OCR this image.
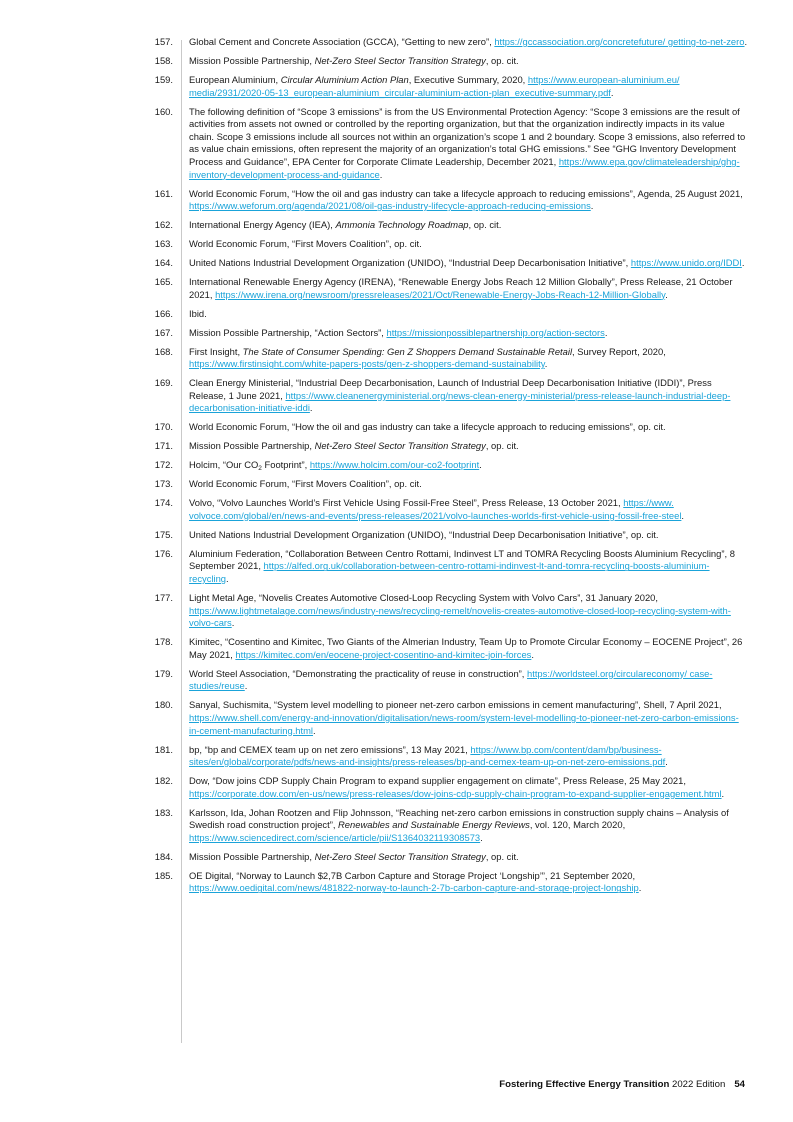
157. Global Cement and Concrete Association (GCCA), “Getting to new zero”, https://gccassociation.org/concretefuture/ getting-to-net-zero.
158. Mission Possible Partnership, Net-Zero Steel Sector Transition Strategy, op. cit.
159. European Aluminium, Circular Aluminium Action Plan, Executive Summary, 2020, https://www.european-aluminium.eu/ media/2931/2020-05-13_european-aluminium_circular-aluminium-action-plan_executive-summary.pdf.
160. The following definition of “Scope 3 emissions” is from the US Environmental Protection Agency: “Scope 3 emissions are the result of activities from assets not owned or controlled by the reporting organization, but that the organization indirectly impacts in its value chain. Scope 3 emissions include all sources not within an organization’s scope 1 and 2 boundary. Scope 3 emissions, also referred to as value chain emissions, often represent the majority of an organization’s total GHG emissions.” See “GHG Inventory Development Process and Guidance”, EPA Center for Corporate Climate Leadership, December 2021, https://www.epa.gov/climateleadership/ghg-inventory-development-process-and-guidance.
161. World Economic Forum, “How the oil and gas industry can take a lifecycle approach to reducing emissions”, Agenda, 25 August 2021, https://www.weforum.org/agenda/2021/08/oil-gas-industry-lifecycle-approach-reducing-emissions.
162. International Energy Agency (IEA), Ammonia Technology Roadmap, op. cit.
163. World Economic Forum, “First Movers Coalition”, op. cit.
164. United Nations Industrial Development Organization (UNIDO), “Industrial Deep Decarbonisation Initiative”, https://www.unido.org/IDDI.
165. International Renewable Energy Agency (IRENA), “Renewable Energy Jobs Reach 12 Million Globally”, Press Release, 21 October 2021, https://www.irena.org/newsroom/pressreleases/2021/Oct/Renewable-Energy-Jobs-Reach-12-Million-Globally.
166. Ibid.
167. Mission Possible Partnership, “Action Sectors”, https://missionpossiblepartnership.org/action-sectors.
168. First Insight, The State of Consumer Spending: Gen Z Shoppers Demand Sustainable Retail, Survey Report, 2020, https://www.firstinsight.com/white-papers-posts/gen-z-shoppers-demand-sustainability.
169. Clean Energy Ministerial, “Industrial Deep Decarbonisation, Launch of Industrial Deep Decarbonisation Initiative (IDDI)”, Press Release, 1 June 2021, https://www.cleanenergyministerial.org/news-clean-energy-ministerial/press-release-launch-industrial-deep-decarbonisation-initiative-iddi.
170. World Economic Forum, “How the oil and gas industry can take a lifecycle approach to reducing emissions”, op. cit.
171. Mission Possible Partnership, Net-Zero Steel Sector Transition Strategy, op. cit.
172. Holcim, “Our $CO_2$ Footprint”, https://www.holcim.com/our-co2-footprint.
173. World Economic Forum, “First Movers Coalition”, op. cit.
174. Volvo, “Volvo Launches World’s First Vehicle Using Fossil-Free Steel”, Press Release, 13 October 2021, https://www. volvoce.com/global/en/news-and-events/press-releases/2021/volvo-launches-worlds-first-vehicle-using-fossil-free-steel.
175. United Nations Industrial Development Organization (UNIDO), “Industrial Deep Decarbonisation Initiative”, op. cit.
176. Aluminium Federation, “Collaboration Between Centro Rottami, Indinvest LT and TOMRA Recycling Boosts Aluminium Recycling”, 8 September 2021, https://alfed.org.uk/collaboration-between-centro-rottami-indinvest-lt-and-tomra-recycling-boosts-aluminium-recycling.
177. Light Metal Age, “Novelis Creates Automotive Closed-Loop Recycling System with Volvo Cars”, 31 January 2020, https://www.lightmetalage.com/news/industry-news/recycling-remelt/novelis-creates-automotive-closed-loop-recycling-system-with-volvo-cars.
178. Kimitec, “Cosentino and Kimitec, Two Giants of the Almerian Industry, Team Up to Promote Circular Economy – EOCENE Project”, 26 May 2021, https://kimitec.com/en/eocene-project-cosentino-and-kimitec-join-forces.
179. World Steel Association, “Demonstrating the practicality of reuse in construction”, https://worldsteel.org/circulareconomy/ case-studies/reuse.
180. Sanyal, Suchismita, “System level modelling to pioneer net-zero carbon emissions in cement manufacturing”, Shell, 7 April 2021, https://www.shell.com/energy-and-innovation/digitalisation/news-room/system-level-modelling-to-pioneer-net-zero-carbon-emissions-in-cement-manufacturing.html.
181. bp, “bp and CEMEX team up on net zero emissions”, 13 May 2021, https://www.bp.com/content/dam/bp/business-sites/en/global/corporate/pdfs/news-and-insights/press-releases/bp-and-cemex-team-up-on-net-zero-emissions.pdf.
182. Dow, “Dow joins CDP Supply Chain Program to expand supplier engagement on climate”, Press Release, 25 May 2021, https://corporate.dow.com/en-us/news/press-releases/dow-joins-cdp-supply-chain-program-to-expand-supplier-engagement.html.
183. Karlsson, Ida, Johan Rootzen and Flip Johnsson, “Reaching net-zero carbon emissions in construction supply chains – Analysis of Swedish road construction project”, Renewables and Sustainable Energy Reviews, vol. 120, March 2020, https://www.sciencedirect.com/science/article/pii/S1364032119308573.
184. Mission Possible Partnership, Net-Zero Steel Sector Transition Strategy, op. cit.
185. OE Digital, “Norway to Launch $2,7B Carbon Capture and Storage Project ‘Longship’”, 21 September 2020, https://www.oedigital.com/news/481822-norway-to-launch-2-7b-carbon-capture-and-storage-project-longship.
Fostering Effective Energy Transition 2022 Edition 54
